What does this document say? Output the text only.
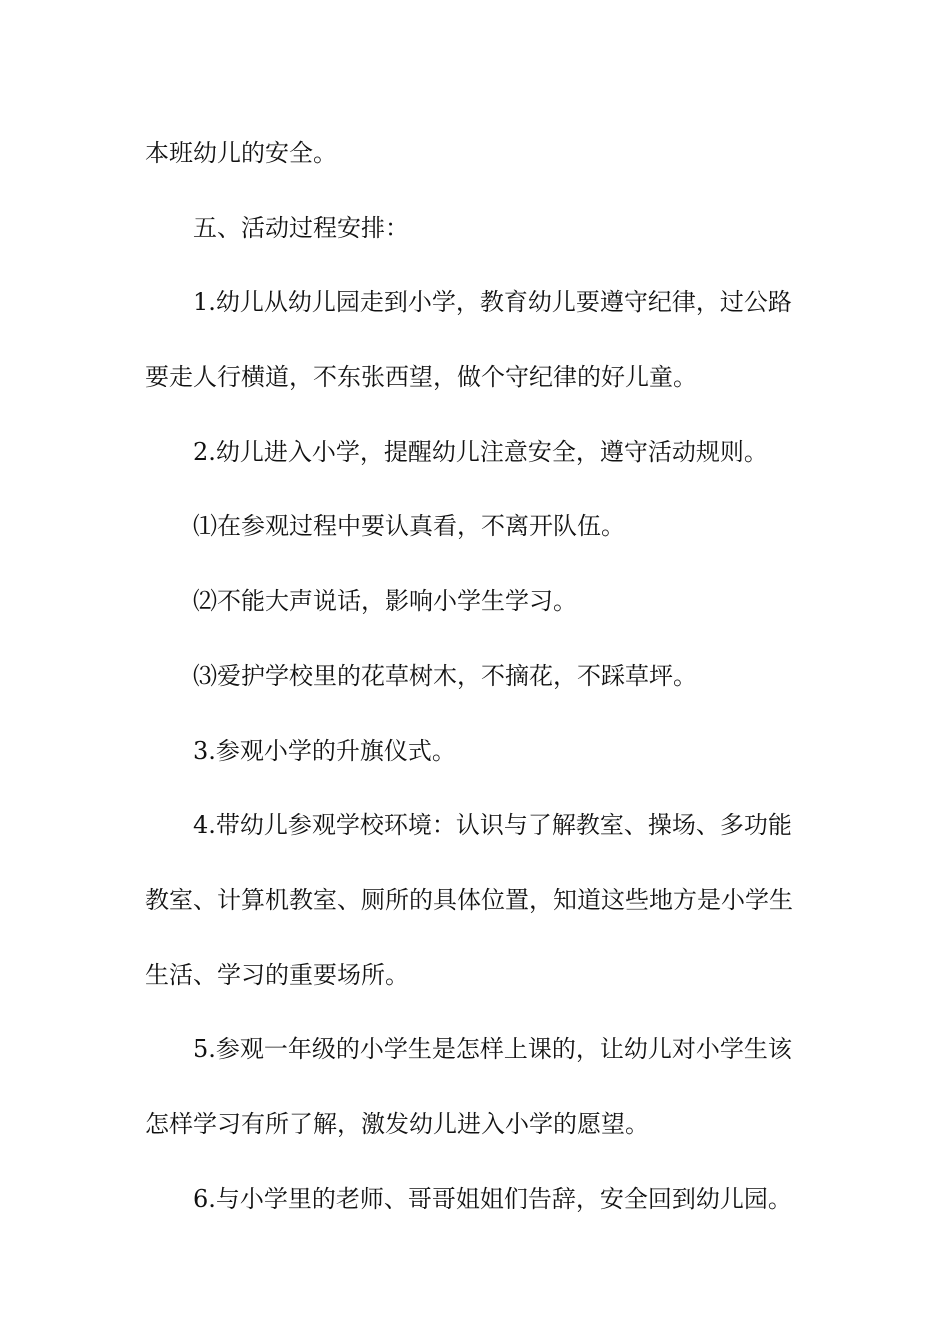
本班幼儿的安全。
五、活动过程安排：
1.幼儿从幼儿园走到小学，教育幼儿要遵守纪律，过公路
要走人行横道，不东张西望，做个守纪律的好儿童。
2.幼儿进入小学，提醒幼儿注意安全，遵守活动规则。
⑴在参观过程中要认真看，不离开队伍。
⑵不能大声说话，影响小学生学习。
⑶爱护学校里的花草树木，不摘花，不踩草坪。
3.参观小学的升旗仪式。
4.带幼儿参观学校环境：认识与了解教室、操场、多功能
教室、计算机教室、厕所的具体位置，知道这些地方是小学生
生活、学习的重要场所。
5.参观一年级的小学生是怎样上课的，让幼儿对小学生该
怎样学习有所了解，激发幼儿进入小学的愿望。
6.与小学里的老师、哥哥姐姐们告辞，安全回到幼儿园。
